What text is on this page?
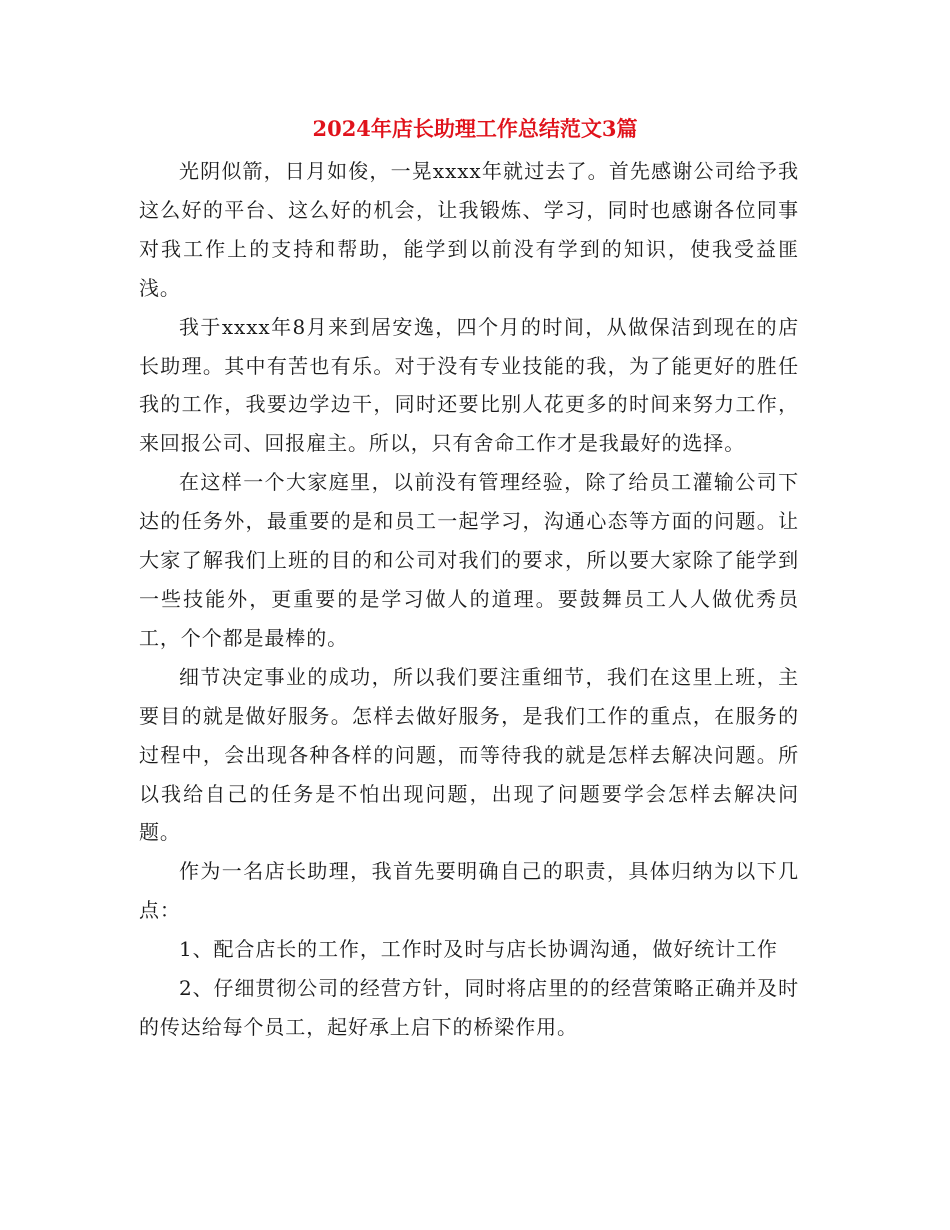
2024年店长助理工作总结范文3篇

光阴似箭，日月如俊，一晃xxxx年就过去了。首先感谢公司给予我这么好的平台、这么好的机会，让我锻炼、学习，同时也感谢各位同事对我工作上的支持和帮助，能学到以前没有学到的知识，使我受益匪浅。

我于xxxx年8月来到居安逸，四个月的时间，从做保洁到现在的店长助理。其中有苦也有乐。对于没有专业技能的我，为了能更好的胜任我的工作，我要边学边干，同时还要比别人花更多的时间来努力工作，来回报公司、回报雇主。所以，只有舍命工作才是我最好的选择。

在这样一个大家庭里，以前没有管理经验，除了给员工灌输公司下达的任务外，最重要的是和员工一起学习，沟通心态等方面的问题。让大家了解我们上班的目的和公司对我们的要求，所以要大家除了能学到一些技能外，更重要的是学习做人的道理。要鼓舞员工人人做优秀员工，个个都是最棒的。

细节决定事业的成功，所以我们要注重细节，我们在这里上班，主要目的就是做好服务。怎样去做好服务，是我们工作的重点，在服务的过程中，会出现各种各样的问题，而等待我的就是怎样去解决问题。所以我给自己的任务是不怕出现问题，出现了问题要学会怎样去解决问题。

作为一名店长助理，我首先要明确自己的职责，具体归纳为以下几点：

1、配合店长的工作，工作时及时与店长协调沟通，做好统计工作

2、仔细贯彻公司的经营方针，同时将店里的的经营策略正确并及时的传达给每个员工，起好承上启下的桥梁作用。
